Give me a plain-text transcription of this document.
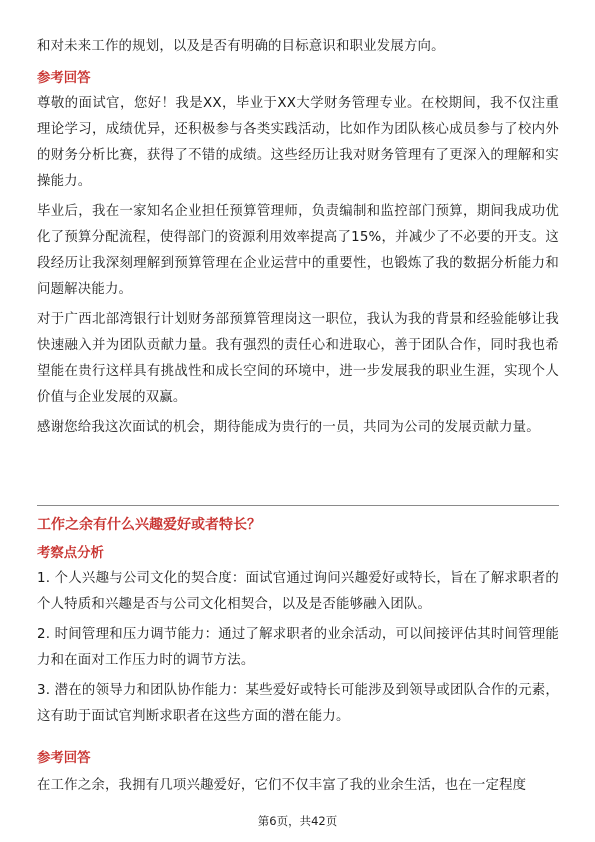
和对未来工作的规划，以及是否有明确的目标意识和职业发展方向。
参考回答

尊敬的面试官，您好！我是XX，毕业于XX大学财务管理专业。在校期间，我不仅注重理论学习，成绩优异，还积极参与各类实践活动，比如作为团队核心成员参与了校内外的财务分析比赛，获得了不错的成绩。这些经历让我对财务管理有了更深入的理解和实操能力。

毕业后，我在一家知名企业担任预算管理师，负责编制和监控部门预算，期间我成功优化了预算分配流程，使得部门的资源利用效率提高了15%，并减少了不必要的开支。这段经历让我深刻理解到预算管理在企业运营中的重要性，也锻炼了我的数据分析能力和问题解决能力。

对于广西北部湾银行计划财务部预算管理岗这一职位，我认为我的背景和经验能够让我快速融入并为团队贡献力量。我有强烈的责任心和进取心，善于团队合作，同时我也希望能在贵行这样具有挑战性和成长空间的环境中，进一步发展我的职业生涯，实现个人价值与企业发展的双赢。

感谢您给我这次面试的机会，期待能成为贵行的一员，共同为公司的发展贡献力量。

工作之余有什么兴趣爱好或者特长？
考察点分析

1. 个人兴趣与公司文化的契合度：面试官通过询问兴趣爱好或特长，旨在了解求职者的个人特质和兴趣是否与公司文化相契合，以及是否能够融入团队。

2. 时间管理和压力调节能力：通过了解求职者的业余活动，可以间接评估其时间管理能力和在面对工作压力时的调节方法。

3. 潜在的领导力和团队协作能力：某些爱好或特长可能涉及到领导或团队合作的元素，这有助于面试官判断求职者在这些方面的潜在能力。

参考回答
在工作之余，我拥有几项兴趣爱好，它们不仅丰富了我的业余生活，也在一定程度
第6页，共42页
